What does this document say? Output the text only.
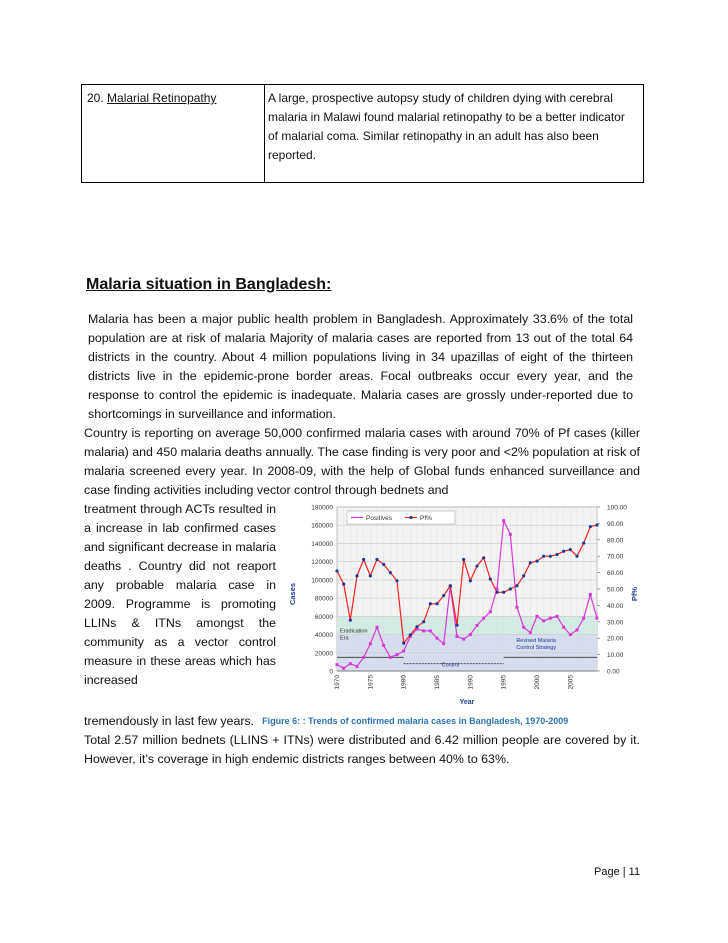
20. Malarial Retinopathy	A large, prospective autopsy study of children dying with cerebral malaria in Malawi found malarial retinopathy to be a better indicator of malarial coma. Similar retinopathy in an adult has also been reported.
Malaria situation in Bangladesh:
Malaria has been a major public health problem in Bangladesh. Approximately 33.6% of the total population are at risk of malaria Majority of malaria cases are reported from 13 out of the total 64 districts in the country. About 4 million populations living in 34 upazillas of eight of the thirteen districts live in the epidemic-prone border areas. Focal outbreaks occur every year, and the response to control the epidemic is inadequate. Malaria cases are grossly under-reported due to shortcomings in surveillance and information.
Country is reporting on average 50,000 confirmed malaria cases with around 70% of Pf cases (killer malaria) and 450 malaria deaths annually. The case finding is very poor and <2% population at risk of malaria screened every year. In 2008-09, with the help of Global funds enhanced surveillance and case finding activities including vector control through bednets and
treatment through ACTs resulted in a increase in lab confirmed cases and significant decrease in malaria deaths . Country did not reaport any probable malaria case in 2009. Programme is promoting LLINs & ITNs amongst the community as a vector control measure in these areas which has increased
0
20000
40000
60000
80000
100000
120000
140000
160000
180000
0.00
10.00
20.00
30.00
40.00
50.00
60.00
70.00
80.00
90.00
100.00
1970	1975	1980	1985	1990	1995	2000	2005
Year
Cases	Pf%
Eradication
Era	Revised Malaria
Control Strategy
Control
Positives	Pf%
tremendously in last few years. Figure 6: : Trends of confirmed malaria cases in Bangladesh, 1970-2009
Total 2.57 million bednets (LLINS + ITNs) were distributed and 6.42 million people are covered by it. However, it’s coverage in high endemic districts ranges between 40% to 63%.
Page | 11
